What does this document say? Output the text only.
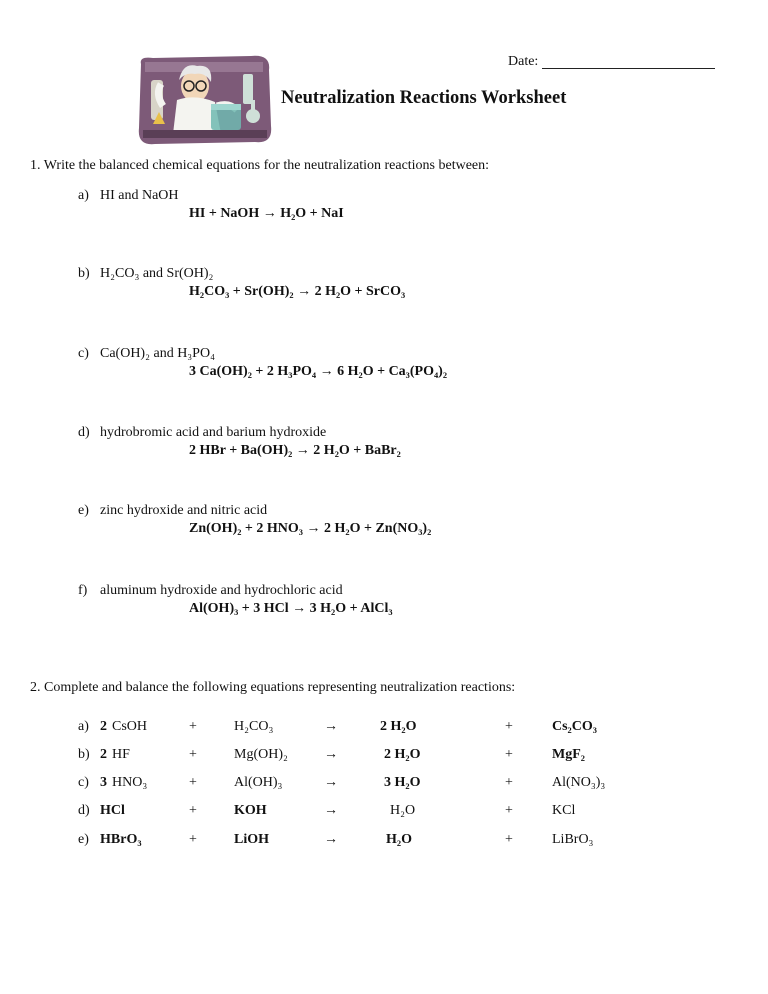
Date:
Neutralization Reactions Worksheet
1. Write the balanced chemical equations for the neutralization reactions between:
a) HI and NaOH
HI + NaOH → H₂O + NaI
b) H₂CO₃ and Sr(OH)₂
H₂CO₃ + Sr(OH)₂ → 2 H₂O + SrCO₃
c) Ca(OH)₂ and H₃PO₄
3 Ca(OH)₂ + 2 H₃PO₄ → 6 H₂O + Ca₃(PO₄)₂
d) hydrobromic acid and barium hydroxide
2 HBr + Ba(OH)₂ → 2 H₂O + BaBr₂
e) zinc hydroxide and nitric acid
Zn(OH)₂ + 2 HNO₃ → 2 H₂O + Zn(NO₃)₂
f) aluminum hydroxide and hydrochloric acid
Al(OH)₃ + 3 HCl → 3 H₂O + AlCl₃
2. Complete and balance the following equations representing neutralization reactions:
a) 2 CsOH	+	H₂CO₃	→	2 H₂O	+	Cs₂CO₃
b) 2 HF	+	Mg(OH)₂	→	2 H₂O	+	MgF₂
c) 3 HNO₃	+	Al(OH)₃	→	3 H₂O	+	Al(NO₃)₃
d) HCl	+	KOH	→	H₂O	+	KCl
e) HBrO₃	+	LiOH	→	H₂O	+	LiBrO₃
